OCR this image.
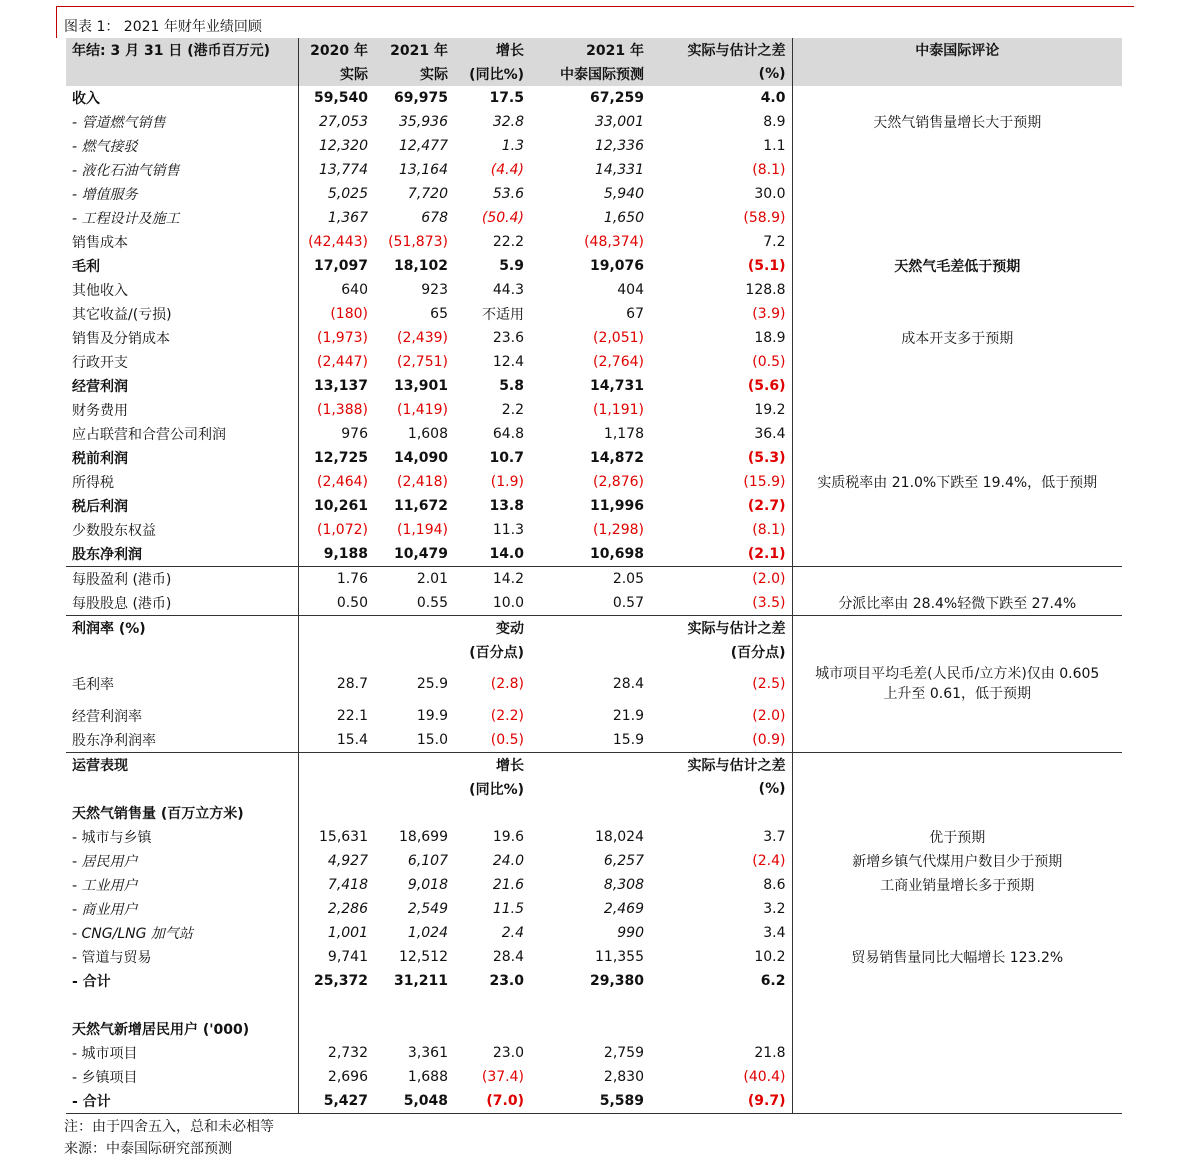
图表 1： 2021 年财年业绩回顾
年结: 3 月 31 日 (港币百万元)	2020 年	2021 年	增长	2021 年	实际与估计之差	中泰国际评论
	实际	实际	(同比%)	中泰国际预测	(%)	
收入	59,540	69,975	17.5	67,259	4.0	
- 管道燃气销售	27,053	35,936	32.8	33,001	8.9	天然气销售量增长大于预期
- 燃气接驳	12,320	12,477	1.3	12,336	1.1	
- 液化石油气销售	13,774	13,164	(4.4)	14,331	(8.1)	
- 增值服务	5,025	7,720	53.6	5,940	30.0	
- 工程设计及施工	1,367	678	(50.4)	1,650	(58.9)	
销售成本	(42,443)	(51,873)	22.2	(48,374)	7.2	
毛利	17,097	18,102	5.9	19,076	(5.1)	天然气毛差低于预期
其他收入	640	923	44.3	404	128.8	
其它收益/(亏损)	(180)	65	不适用	67	(3.9)	
销售及分销成本	(1,973)	(2,439)	23.6	(2,051)	18.9	成本开支多于预期
行政开支	(2,447)	(2,751)	12.4	(2,764)	(0.5)	
经营利润	13,137	13,901	5.8	14,731	(5.6)	
财务费用	(1,388)	(1,419)	2.2	(1,191)	19.2	
应占联营和合营公司利润	976	1,608	64.8	1,178	36.4	
税前利润	12,725	14,090	10.7	14,872	(5.3)	
所得税	(2,464)	(2,418)	(1.9)	(2,876)	(15.9)	实质税率由 21.0%下跌至 19.4%，低于预期
税后利润	10,261	11,672	13.8	11,996	(2.7)	
少数股东权益	(1,072)	(1,194)	11.3	(1,298)	(8.1)	
股东净利润	9,188	10,479	14.0	10,698	(2.1)	
每股盈利 (港币)	1.76	2.01	14.2	2.05	(2.0)	
每股股息 (港币)	0.50	0.55	10.0	0.57	(3.5)	分派比率由 28.4%轻微下跌至 27.4%
利润率 (%)			变动		实际与估计之差	
			(百分点)		(百分点)	
毛利率	28.7	25.9	(2.8)	28.4	(2.5)	城市项目平均毛差(人民币/立方米)仅由 0.605 上升至 0.61，低于预期
经营利润率	22.1	19.9	(2.2)	21.9	(2.0)	
股东净利润率	15.4	15.0	(0.5)	15.9	(0.9)	
运营表现			增长		实际与估计之差	
			(同比%)		(%)	
天然气销售量 (百万立方米)						
- 城市与乡镇	15,631	18,699	19.6	18,024	3.7	优于预期
- 居民用户	4,927	6,107	24.0	6,257	(2.4)	新增乡镇气代煤用户数目少于预期
- 工业用户	7,418	9,018	21.6	8,308	8.6	工商业销量增长多于预期
- 商业用户	2,286	2,549	11.5	2,469	3.2	
- CNG/LNG 加气站	1,001	1,024	2.4	990	3.4	
- 管道与贸易	9,741	12,512	28.4	11,355	10.2	贸易销售量同比大幅增长 123.2%
- 合计	25,372	31,211	23.0	29,380	6.2	

天然气新增居民用户 ('000)						
- 城市项目	2,732	3,361	23.0	2,759	21.8	
- 乡镇项目	2,696	1,688	(37.4)	2,830	(40.4)	
- 合计	5,427	5,048	(7.0)	5,589	(9.7)	
注：由于四舍五入，总和未必相等
来源：中泰国际研究部预测
